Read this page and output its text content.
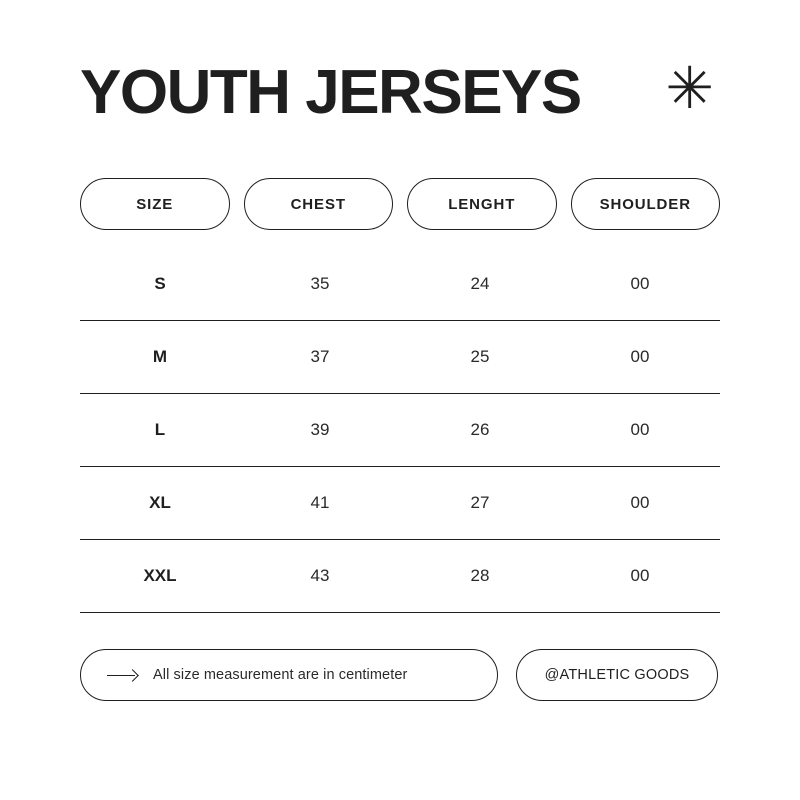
YOUTH JERSEYS ✳
SIZE	CHEST	LENGHT	SHOULDER
S	35	24	00
M	37	25	00
L	39	26	00
XL	41	27	00
XXL	43	28	00
All size measurement are in centimeter	@ATHLETIC GOODS
